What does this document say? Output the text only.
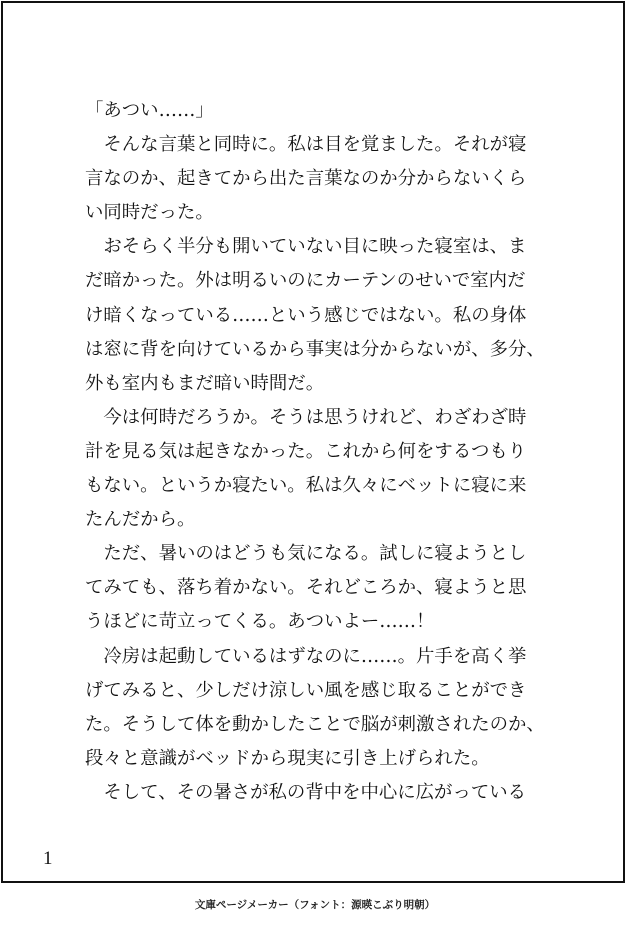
「あつい……」
　そんな言葉と同時に。私は目を覚ました。それが寝
言なのか、起きてから出た言葉なのか分からないくら
い同時だった。
　おそらく半分も開いていない目に映った寝室は、ま
だ暗かった。外は明るいのにカーテンのせいで室内だ
け暗くなっている……という感じではない。私の身体
は窓に背を向けているから事実は分からないが、多分、
外も室内もまだ暗い時間だ。
　今は何時だろうか。そうは思うけれど、わざわざ時
計を見る気は起きなかった。これから何をするつもり
もない。というか寝たい。私は久々にベットに寝に来
たんだから。
　ただ、暑いのはどうも気になる。試しに寝ようとし
てみても、落ち着かない。それどころか、寝ようと思
うほどに苛立ってくる。あついよー……！
　冷房は起動しているはずなのに……。片手を高く挙
げてみると、少しだけ涼しい風を感じ取ることができ
た。そうして体を動かしたことで脳が刺激されたのか、
段々と意識がベッドから現実に引き上げられた。
　そして、その暑さが私の背中を中心に広がっている
1
文庫ページメーカー（フォント：源暎こぶり明朝）
